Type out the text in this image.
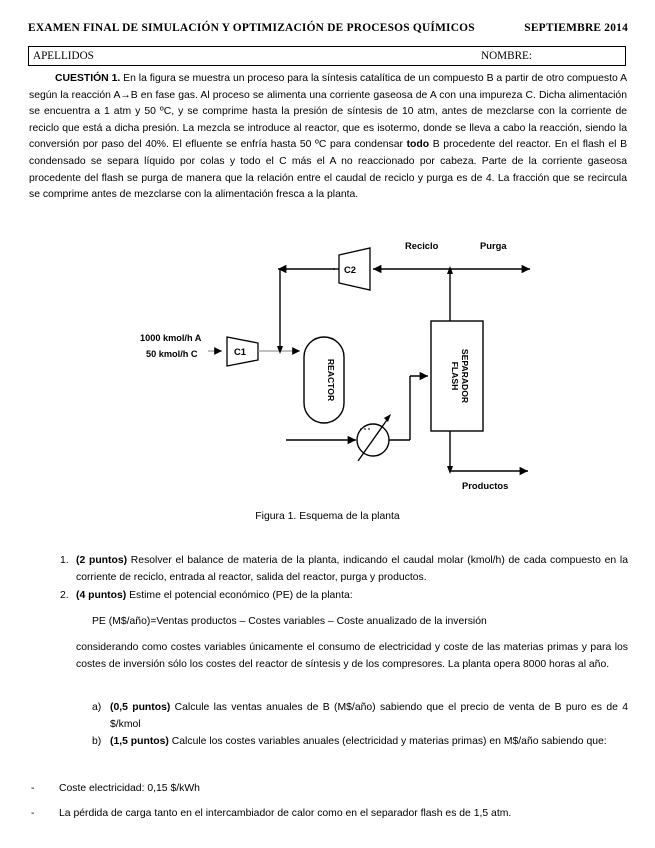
EXAMEN FINAL DE SIMULACIÓN Y OPTIMIZACIÓN DE PROCESOS QUÍMICOS	SEPTIEMBRE 2014
APELLIDOS	NOMBRE:
CUESTIÓN 1. En la figura se muestra un proceso para la síntesis catalítica de un compuesto B a partir de otro compuesto A según la reacción A→B en fase gas. Al proceso se alimenta una corriente gaseosa de A con una impureza C. Dicha alimentación se encuentra a 1 atm y 50 ºC, y se comprime hasta la presión de síntesis de 10 atm, antes de mezclarse con la corriente de reciclo que está a dicha presión. La mezcla se introduce al reactor, que es isotermo, donde se lleva a cabo la reacción, siendo la conversión por paso del 40%. El efluente se enfría hasta 50 ºC para condensar todo B procedente del reactor. En el flash el B condensado se separa líquido por colas y todo el C más el A no reaccionado por cabeza. Parte de la corriente gaseosa procedente del flash se purga de manera que la relación entre el caudal de reciclo y purga es de 4. La fracción que se recircula se comprime antes de mezclarse con la alimentación fresca a la planta.
1000 kmol/h A
50 kmol/h C	C1
C2
Reciclo	Purga
Productos
REACTOR	SEPARADOR
FLASH
Figura 1. Esquema de la planta
1. (2 puntos) Resolver el balance de materia de la planta, indicando el caudal molar (kmol/h) de cada compuesto en la corriente de reciclo, entrada al reactor, salida del reactor, purga y productos.
2. (4 puntos) Estime el potencial económico (PE) de la planta:
PE (M$/año)=Ventas productos – Costes variables – Coste anualizado de la inversión
considerando como costes variables únicamente el consumo de electricidad y coste de las materias primas y para los costes de inversión sólo los costes del reactor de síntesis y de los compresores. La planta opera 8000 horas al año.
a) (0,5 puntos) Calcule las ventas anuales de B (M$/año) sabiendo que el precio de venta de B puro es de 4 $/kmol
b) (1,5 puntos) Calcule los costes variables anuales (electricidad y materias primas) en M$/año sabiendo que:
- Coste electricidad: 0,15 $/kWh
- La pérdida de carga tanto en el intercambiador de calor como en el separador flash es de 1,5 atm.
